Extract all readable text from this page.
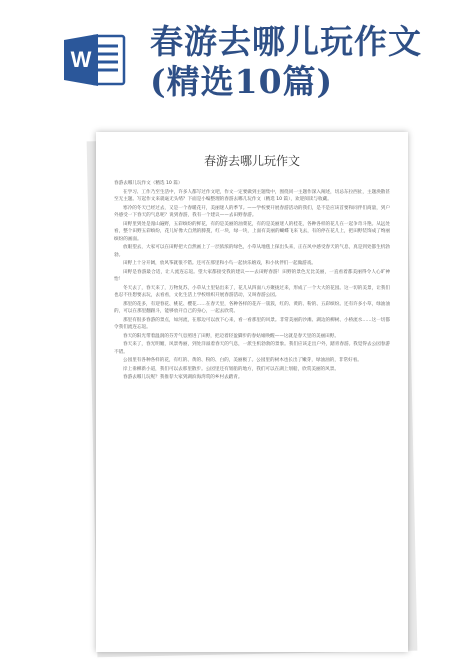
W 春游去哪儿玩作文
(精选10篇)
春游去哪儿玩作文

春游去哪儿玩作文（精选 10 篇）

在学习、工作乃至生活中，许多人都写过作文吧，作文一定要做到主题集中，围绕同一主题作深入阐述，切忌东拉西扯，主题涣散甚至无主题。写起作文来就毫无头绪？下面是小编整理的春游去哪儿玩作文（精选 10 篇），欢迎阅读与收藏。

寒冷的冬天已经过去，又是一个春暖花开，美丽迷人的季节。——学校要开展春游活动的我们，是不是应该首要和同伴们商量，到户外感受一下春天的气息呢？说到春游，我有一个建议——去田野春游。

田野里到处是漫山遍野，五彩缤纷的鲜花，有的是美丽的油菜花，有的是美丽迷人的桂花，各种各样的花儿在一起争奇斗艳。从远处看，整个田野五彩缤纷，花儿好像大自然的滕蔓，红一块，绿一块，上面有美丽的蝴蝶飞来飞去，有的停在花儿上，把田野装饰成了绚丽缤纷的画面。

放眼望去，大家可以在田野把大自然画上了一层浓浓的绿色，小草从地毯上探出头来，正在风中感受春天的气息，真是到处都生机勃勃。

田野上十分开阔，放风筝就很不错。还可在那里和小鸟一起快乐嬉戏，和小伙伴们一起做游戏。

田野是春游最合适，让人流连忘返。望大家都接受我的建议——去田野春游！田野的景色无比美丽，一直看着都美丽得令人心旷神怡！

冬天去了，春天来了，万物复苏，小草从土里钻出来了，花儿从四面八方聚拢过来，形成了一个大大的花园。这一切的美景，让我们也忍不住想要去玩，去看看，文化生活上学校组织开展春游活动，又叫春游公园。

那里的花多，有迎春花、桃花、樱花……在春天里，各种各样的花卉一簇簇，红的、黄的、粉的、五彩缤纷。还有许多小草，绿油油的，可以在那里翻跟斗，能够放开自己的身心，一起去欣赏。

那里有很多春游的景点，如河流，在那边可以放下心来，看一看那里的风景。非常美丽的沙滩、湖边的柳树、小桥流水……这一切都令我们流连忘返。

春天的阳光带着温润的芬芳气息照进了田野，把迈着轻盈脚步的春姑娘唤醒——这就是春天里的美丽田野。

春天来了，春光明媚，风景秀丽，到处洋溢着春天的气息，一派生机勃勃的景象。我们应该走出户外，踏青春游。我觉得去公园春游不错。

公园里有各种各样的花，有红的、黄的、粉的、白的，美丽极了。公园里的树木也长出了嫩芽，绿油油的，非常好看。

岸上垂柳新小道，我们可以去那里散步。公园里还有划船的地方，我们可以在湖上划船，欣赏美丽的风景。

春游去哪儿玩呢？我推荐大家到湖滨海湾赏的乡村去踏青。
